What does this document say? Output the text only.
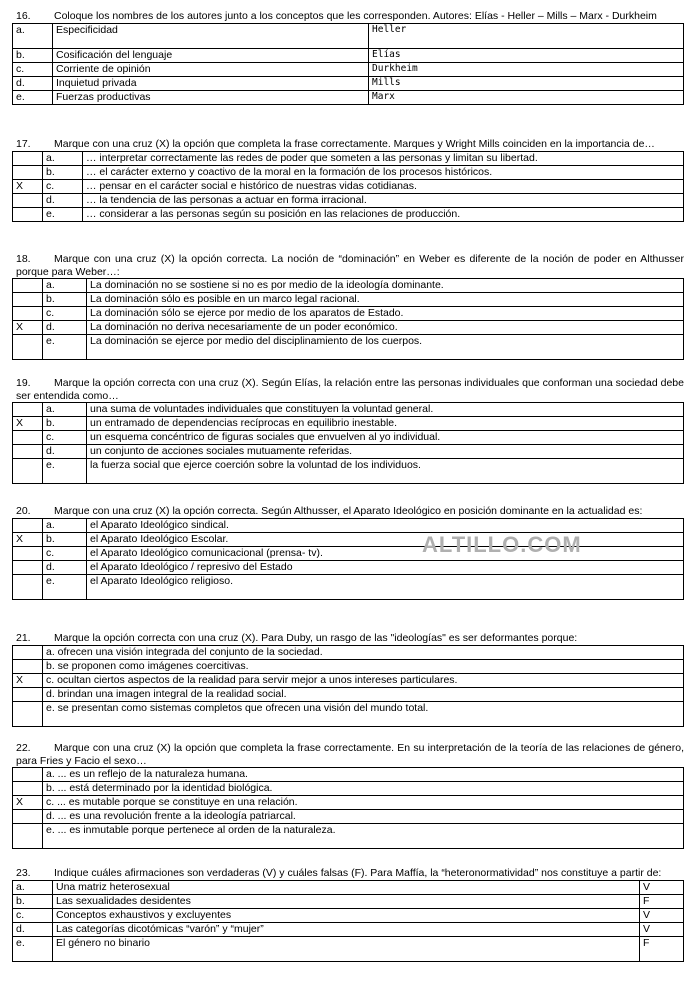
16. Coloque los nombres de los autores junto a los conceptos que les corresponden. Autores: Elías - Heller – Mills – Marx - Durkheim
a.	Especificidad	Heller
b.	Cosificación del lenguaje	Elías
c.	Corriente de opinión	Durkheim
d.	Inquietud privada	Mills
e.	Fuerzas productivas	Marx
17. Marque con una cruz (X) la opción que completa la frase correctamente. Marques y Wright Mills coinciden en la importancia de…
	a.	… interpretar correctamente las redes de poder que someten a las personas y limitan su libertad.
	b.	… el carácter externo y coactivo de la moral en la formación de los procesos históricos.
X	c.	… pensar en el carácter social e histórico de nuestras vidas cotidianas.
	d.	… la tendencia de las personas a actuar en forma irracional.
	e.	… considerar a las personas según su posición en las relaciones de producción.
18. Marque con una cruz (X) la opción correcta. La noción de “dominación” en Weber es diferente de la noción de poder en Althusser porque para Weber…:
	a.	La dominación no se sostiene si no es por medio de la ideología dominante.
	b.	La dominación sólo es posible en un marco legal racional.
	c.	La dominación sólo se ejerce por medio de los aparatos de Estado.
X	d.	La dominación no deriva necesariamente de un poder económico.
	e.	La dominación se ejerce por medio del disciplinamiento de los cuerpos.
19. Marque la opción correcta con una cruz (X). Según Elías, la relación entre las personas individuales que conforman una sociedad debe ser entendida como…
	a.	una suma de voluntades individuales que constituyen la voluntad general.
X	b.	un entramado de dependencias recíprocas en equilibrio inestable.
	c.	un esquema concéntrico de figuras sociales que envuelven al yo individual.
	d.	un conjunto de acciones sociales mutuamente referidas.
	e.	la fuerza social que ejerce coerción sobre la voluntad de los individuos.
20. Marque con una cruz (X) la opción correcta. Según Althusser, el Aparato Ideológico en posición dominante en la actualidad es:
	a.	el Aparato Ideológico sindical.
X	b.	el Aparato Ideológico Escolar.
	c.	el Aparato Ideológico comunicacional (prensa- tv).
	d.	el Aparato Ideológico / represivo del Estado
	e.	el Aparato Ideológico religioso.
ALTILLO.COM
21. Marque la opción correcta con una cruz (X). Para Duby, un rasgo de las "ideologías" es ser deformantes porque:
	a. ofrecen una visión integrada del conjunto de la sociedad.
	b. se proponen como imágenes coercitivas.
X	c. ocultan ciertos aspectos de la realidad para servir mejor a unos intereses particulares.
	d. brindan una imagen integral de la realidad social.
	e. se presentan como sistemas completos que ofrecen una visión del mundo total.
22. Marque con una cruz (X) la opción que completa la frase correctamente. En su interpretación de la teoría de las relaciones de género, para Fries y Facio el sexo…
	a. ... es un reflejo de la naturaleza humana.
	b. ... está determinado por la identidad biológica.
X	c. ... es mutable porque se constituye en una relación.
	d. ... es una revolución frente a la ideología patriarcal.
	e. ... es inmutable porque pertenece al orden de la naturaleza.
23. Indique cuáles afirmaciones son verdaderas (V) y cuáles falsas (F). Para Maffía, la “heteronormatividad” nos constituye a partir de:
a.	Una matriz heterosexual	V
b.	Las sexualidades desidentes	F
c.	Conceptos exhaustivos y excluyentes	V
d.	Las categorías dicotómicas “varón” y “mujer”	V
e.	El género no binario	F
